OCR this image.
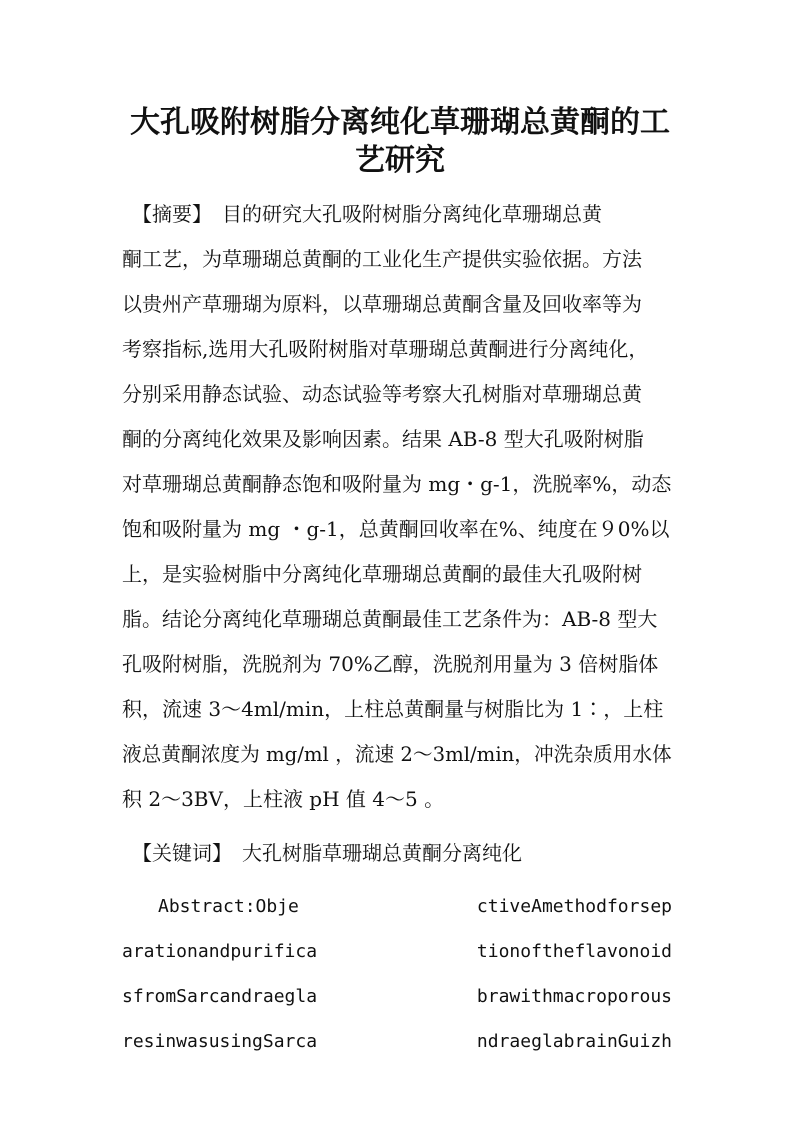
大孔吸附树脂分离纯化草珊瑚总黄酮的工
艺研究

　【摘要】　目的研究大孔吸附树脂分离纯化草珊瑚总黄

酮工艺，为草珊瑚总黄酮的工业化生产提供实验依据。方法

以贵州产草珊瑚为原料，以草珊瑚总黄酮含量及回收率等为

考察指标,选用大孔吸附树脂对草珊瑚总黄酮进行分离纯化，

分别采用静态试验、动态试验等考察大孔树脂对草珊瑚总黄

酮的分离纯化效果及影响因素。结果 AB-8 型大孔吸附树脂

对草珊瑚总黄酮静态饱和吸附量为 mg・g-1，洗脱率%，动态

饱和吸附量为 mg ・g-1，总黄酮回收率在%、纯度在９0%以

上，是实验树脂中分离纯化草珊瑚总黄酮的最佳大孔吸附树

脂。结论分离纯化草珊瑚总黄酮最佳工艺条件为：AB-8 型大

孔吸附树脂，洗脱剂为 70%乙醇，洗脱剂用量为 3 倍树脂体

积，流速 3～4ml/min，上柱总黄酮量与树脂比为 1∶，上柱

液总黄酮浓度为 mg/ml ，流速 2～3ml/min，冲洗杂质用水体

积 2～3BV，上柱液 pH 值 4～5 。

　【关键词】　大孔树脂草珊瑚总黄酮分离纯化

　　Abstract:Obje	ctiveAmethodforsep

arationandpurifica	tionoftheflavonoid

sfromSarcandraegla	brawithmacroporous

resinwasusingSarca	ndraeglabrainGuizh
